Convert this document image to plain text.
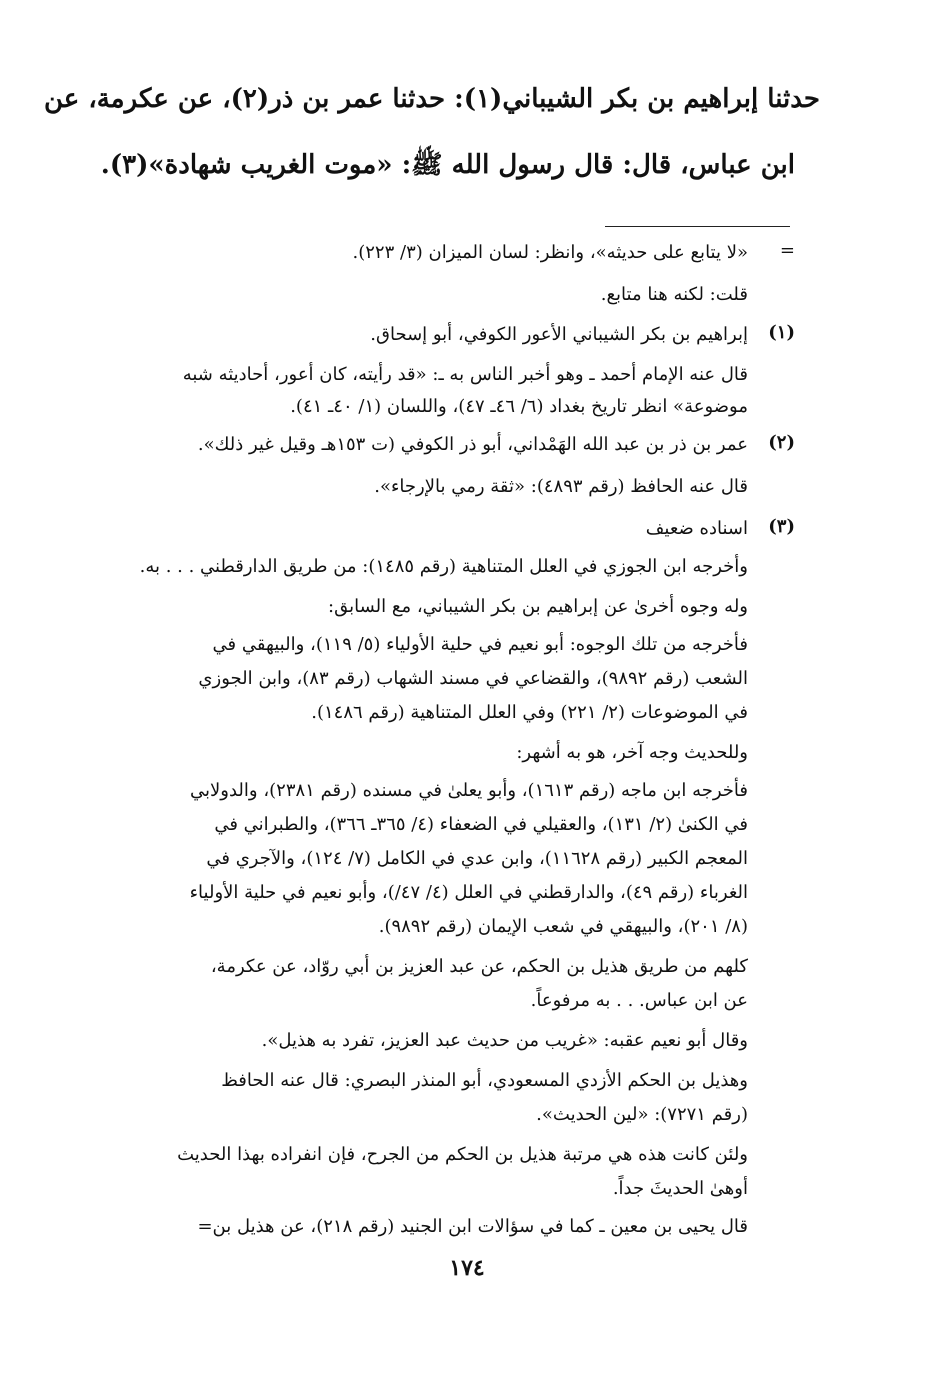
حدثنا إبراهيم بن بكر الشيباني(١): حدثنا عمر بن ذر(٢)، عن عكرمة، عن
ابن عباس، قال: قال رسول الله ﷺ: «موت الغريب شهادة»(٣).
=
«لا يتابع على حديثه»، وانظر: لسان الميزان (٣/ ٢٢٣).
قلت: لكنه هنا متابع.
(١)
إبراهيم بن بكر الشيباني الأعور الكوفي، أبو إسحاق.
قال عنه الإمام أحمد ـ وهو أخبر الناس به ـ: «قد رأيته، كان أعور، أحاديثه شبه
موضوعة» انظر تاريخ بغداد (٦/ ٤٦ـ ٤٧)، واللسان (١/ ٤٠ـ ٤١).
(٢)
عمر بن ذر بن عبد الله الهَمْداني، أبو ذر الكوفي (ت ١٥٣هـ وقيل غير ذلك».
قال عنه الحافظ (رقم ٤٨٩٣): «ثقة رمي بالإرجاء».
(٣)
اسناده ضعيف
وأخرجه ابن الجوزي في العلل المتناهية (رقم ١٤٨٥): من طريق الدارقطني . . . به.
وله وجوه أخرىٰ عن إبراهيم بن بكر الشيباني، مع السابق:
فأخرجه من تلك الوجوه: أبو نعيم في حلية الأولياء (٥/ ١١٩)، والبيهقي في
الشعب (رقم ٩٨٩٢)، والقضاعي في مسند الشهاب (رقم ٨٣)، وابن الجوزي
في الموضوعات (٢/ ٢٢١) وفي العلل المتناهية (رقم ١٤٨٦).
وللحديث وجه آخر، هو به أشهر:
فأخرجه ابن ماجه (رقم ١٦١٣)، وأبو يعلىٰ في مسنده (رقم ٢٣٨١)، والدولابي
في الكنىٰ (٢/ ١٣١)، والعقيلي في الضعفاء (٤/ ٣٦٥ـ ٣٦٦)، والطبراني في
المعجم الكبير (رقم ١١٦٢٨)، وابن عدي في الكامل (٧/ ١٢٤)، والآجري في
الغرباء (رقم ٤٩)، والدارقطني في العلل (٤/ ٤٧/)، وأبو نعيم في حلية الأولياء
(٨/ ٢٠١)، والبيهقي في شعب الإيمان (رقم ٩٨٩٢).
كلهم من طريق هذيل بن الحكم، عن عبد العزيز بن أبي روّاد، عن عكرمة،
عن ابن عباس. . . به مرفوعاً.
وقال أبو نعيم عقبه: «غريب من حديث عبد العزيز، تفرد به هذيل».
وهذيل بن الحكم الأزدي المسعودي، أبو المنذر البصري: قال عنه الحافظ
(رقم ٧٢٧١): «لين الحديث».
ولئن كانت هذه هي مرتبة هذيل بن الحكم من الجرح، فإن انفراده بهذا الحديث
أوهىٰ الحديثَ جداً.
قال يحيى بن معين ـ كما في سؤالات ابن الجنيد (رقم ٢١٨)، عن هذيل بن=
١٧٤
